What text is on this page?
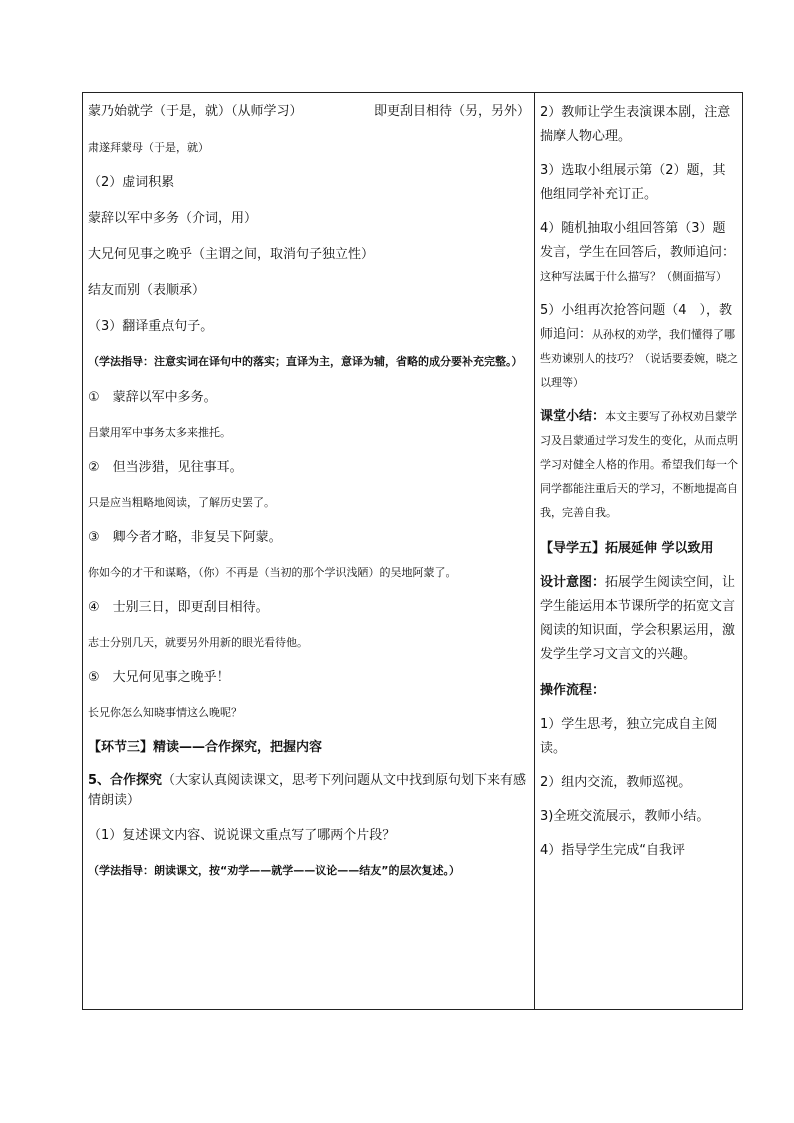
蒙乃始就学（于是，就）（从师学习）	即更刮目相待（另，另外）

肃遂拜蒙母（于是，就）

（2）虚词积累

蒙辞以军中多务（介词，用）

大兄何见事之晚乎（主谓之间，取消句子独立性）

结友而别（表顺承）

（3）翻译重点句子。

（学法指导：注意实词在译句中的落实；直译为主，意译为辅，省略的成分要补充完整。）

①　蒙辞以军中多务。

吕蒙用军中事务太多来推托。

②　但当涉猎，见往事耳。

只是应当粗略地阅读，了解历史罢了。

③　卿今者才略，非复吴下阿蒙。

你如今的才干和谋略，（你）不再是（当初的那个学识浅陋）的吴地阿蒙了。

④　士别三日，即更刮目相待。

志士分别几天，就要另外用新的眼光看待他。

⑤　大兄何见事之晚乎！

长兄你怎么知晓事情这么晚呢？

【环节三】精读——合作探究，把握内容

5、合作探究（大家认真阅读课文，思考下列问题从文中找到原句划下来有感情朗读）

（1）复述课文内容、说说课文重点写了哪两个片段？

（学法指导：朗读课文，按“劝学——就学——议论——结友”的层次复述。）

2）教师让学生表演课本剧，注意揣摩人物心理。

3）选取小组展示第（2）题，其他组同学补充订正。

4）随机抽取小组回答第（3）题发言，学生在回答后，教师追问：这种写法属于什么描写？（侧面描写）

5）小组再次抢答问题（4　），教师追问：从孙权的劝学，我们懂得了哪些劝谏别人的技巧？（说话要委婉，晓之以理等）

课堂小结：本文主要写了孙权劝吕蒙学习及吕蒙通过学习发生的变化，从而点明学习对健全人格的作用。希望我们每一个同学都能注重后天的学习，不断地提高自我，完善自我。

【导学五】拓展延伸 学以致用

设计意图：拓展学生阅读空间，让学生能运用本节课所学的拓宽文言阅读的知识面，学会积累运用，激发学生学习文言文的兴趣。

操作流程：

1）学生思考，独立完成自主阅读。

2）组内交流，教师巡视。

3)全班交流展示，教师小结。

4）指导学生完成“自我评
